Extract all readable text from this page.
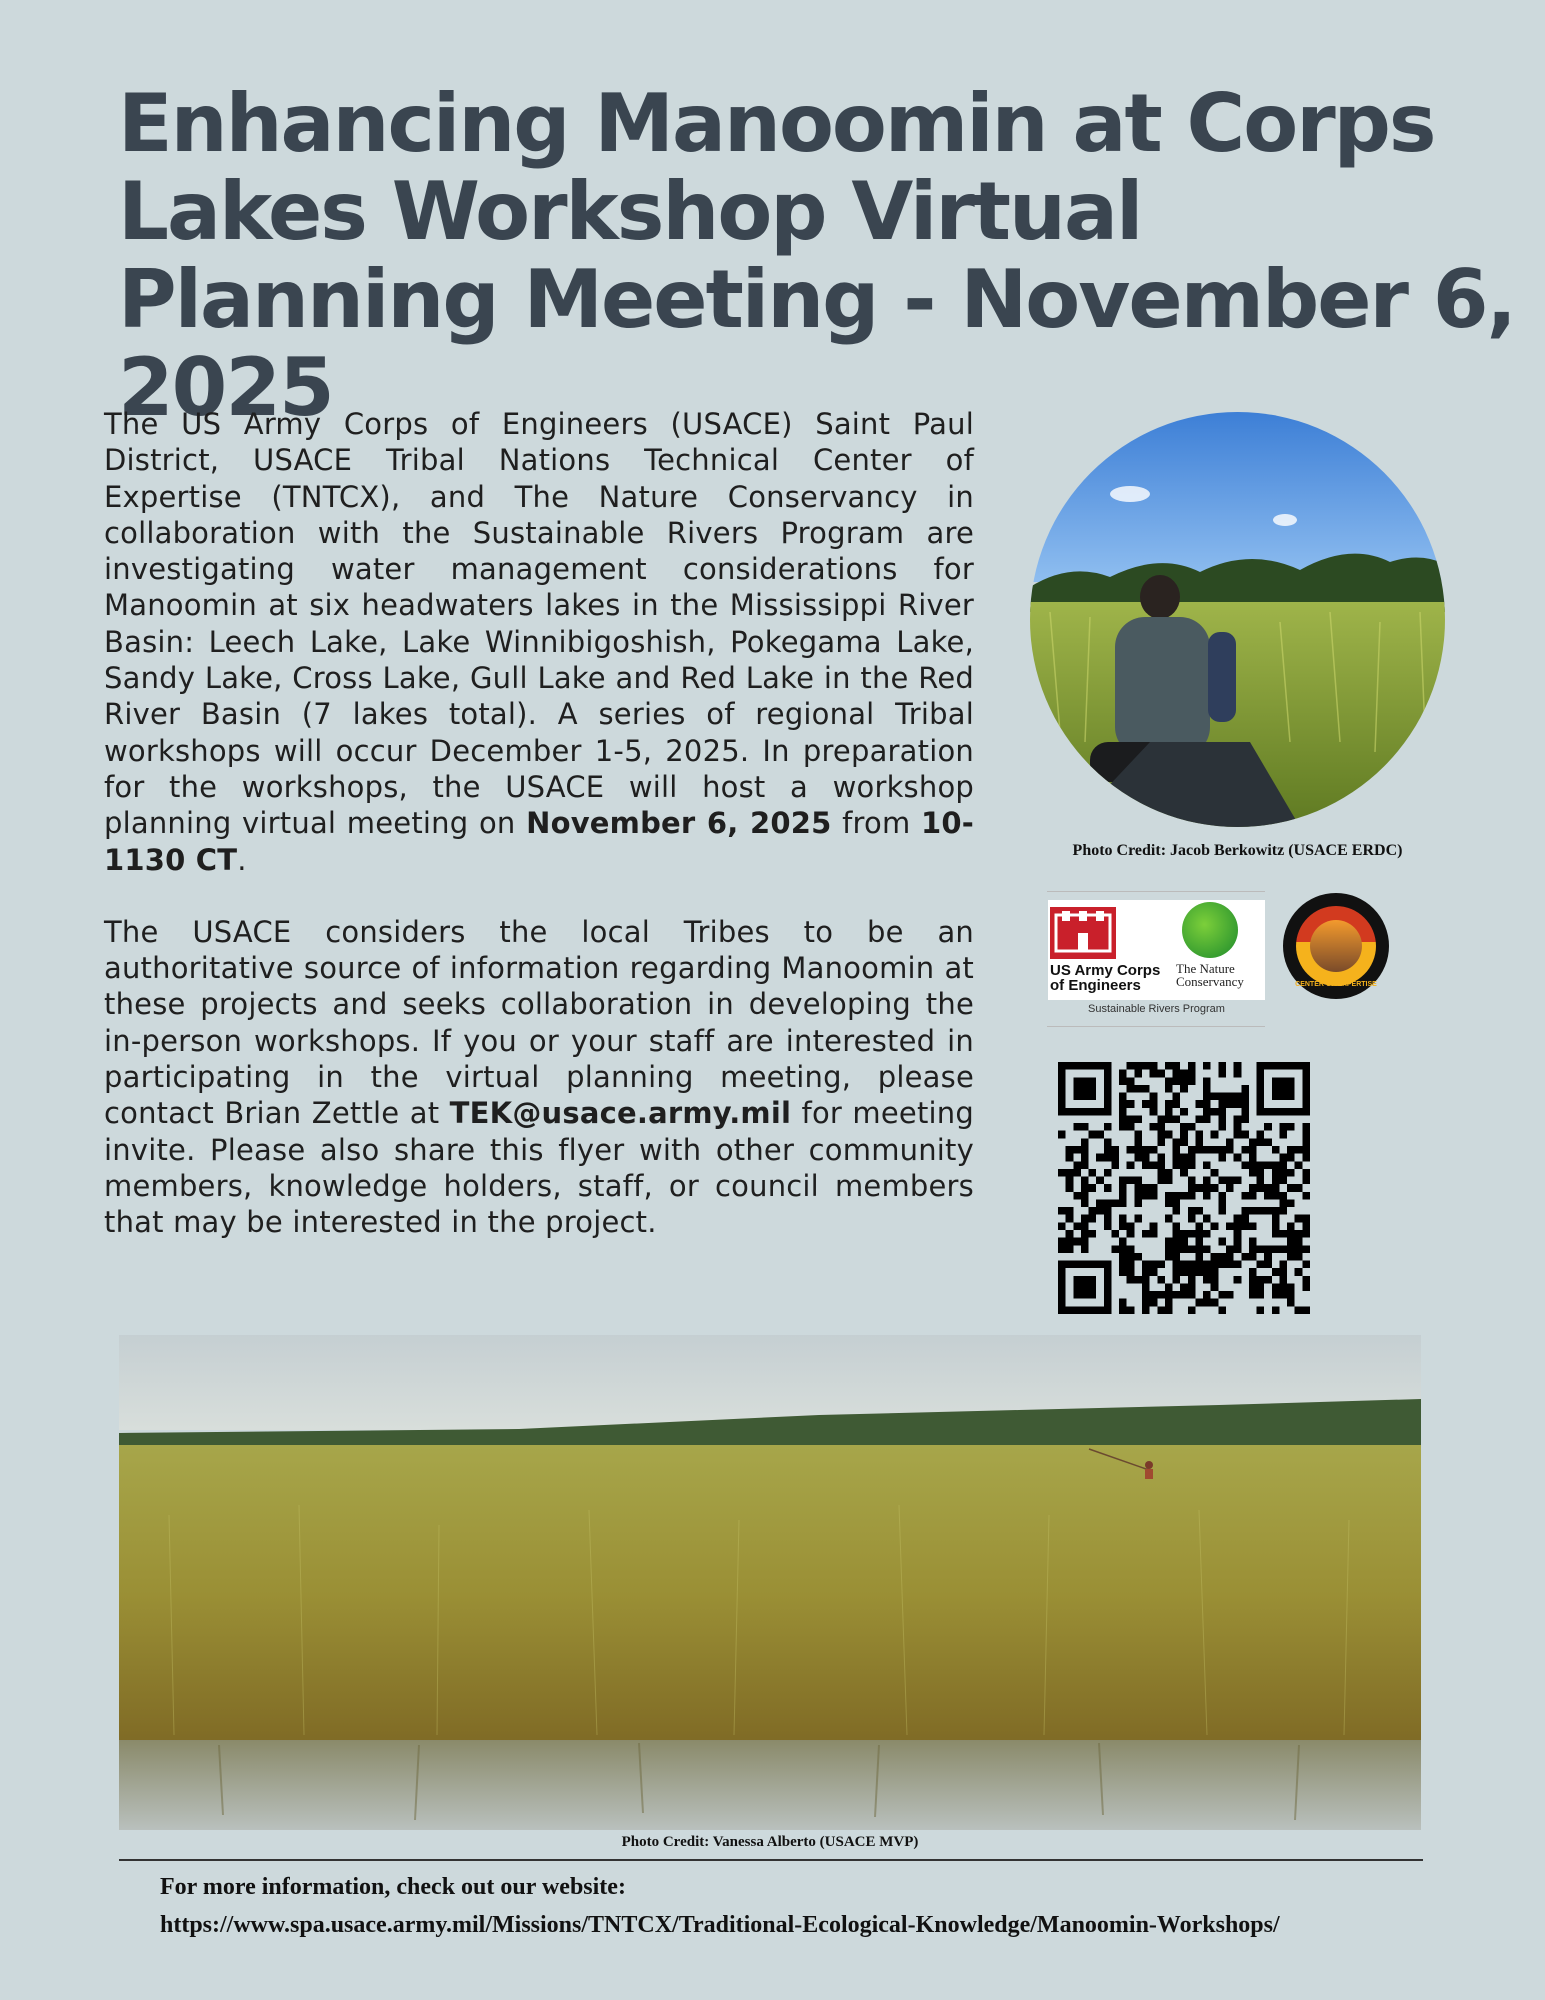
Enhancing Manoomin at Corps Lakes Workshop Virtual Planning Meeting - November 6, 2025

The US Army Corps of Engineers (USACE) Saint Paul District, USACE Tribal Nations Technical Center of Expertise (TNTCX), and The Nature Conservancy in collaboration with the Sustainable Rivers Program are investigating water management considerations for Manoomin at six headwaters lakes in the Mississippi River Basin: Leech Lake, Lake Winnibigoshish, Pokegama Lake, Sandy Lake, Cross Lake, Gull Lake and Red Lake in the Red River Basin (7 lakes total). A series of regional Tribal workshops will occur December 1-5, 2025. In preparation for the workshops, the USACE will host a workshop planning virtual meeting on November 6, 2025 from 10-1130 CT.

The USACE considers the local Tribes to be an authoritative source of information regarding Manoomin at these projects and seeks collaboration in developing the in-person workshops. If you or your staff are interested in participating in the virtual planning meeting, please contact Brian Zettle at TEK@usace.army.mil for meeting invite. Please also share this flyer with other community members, knowledge holders, staff, or council members that may be interested in the project.

Photo Credit: Jacob Berkowitz (USACE ERDC)
US Army Corps
of Engineers
The Nature
Conservancy
Sustainable Rivers Program
CENTER OF EXPERTISE
Photo Credit: Vanessa Alberto (USACE MVP)
For more information, check out our website:
https://www.spa.usace.army.mil/Missions/TNTCX/Traditional-Ecological-Knowledge/Manoomin-Workshops/
